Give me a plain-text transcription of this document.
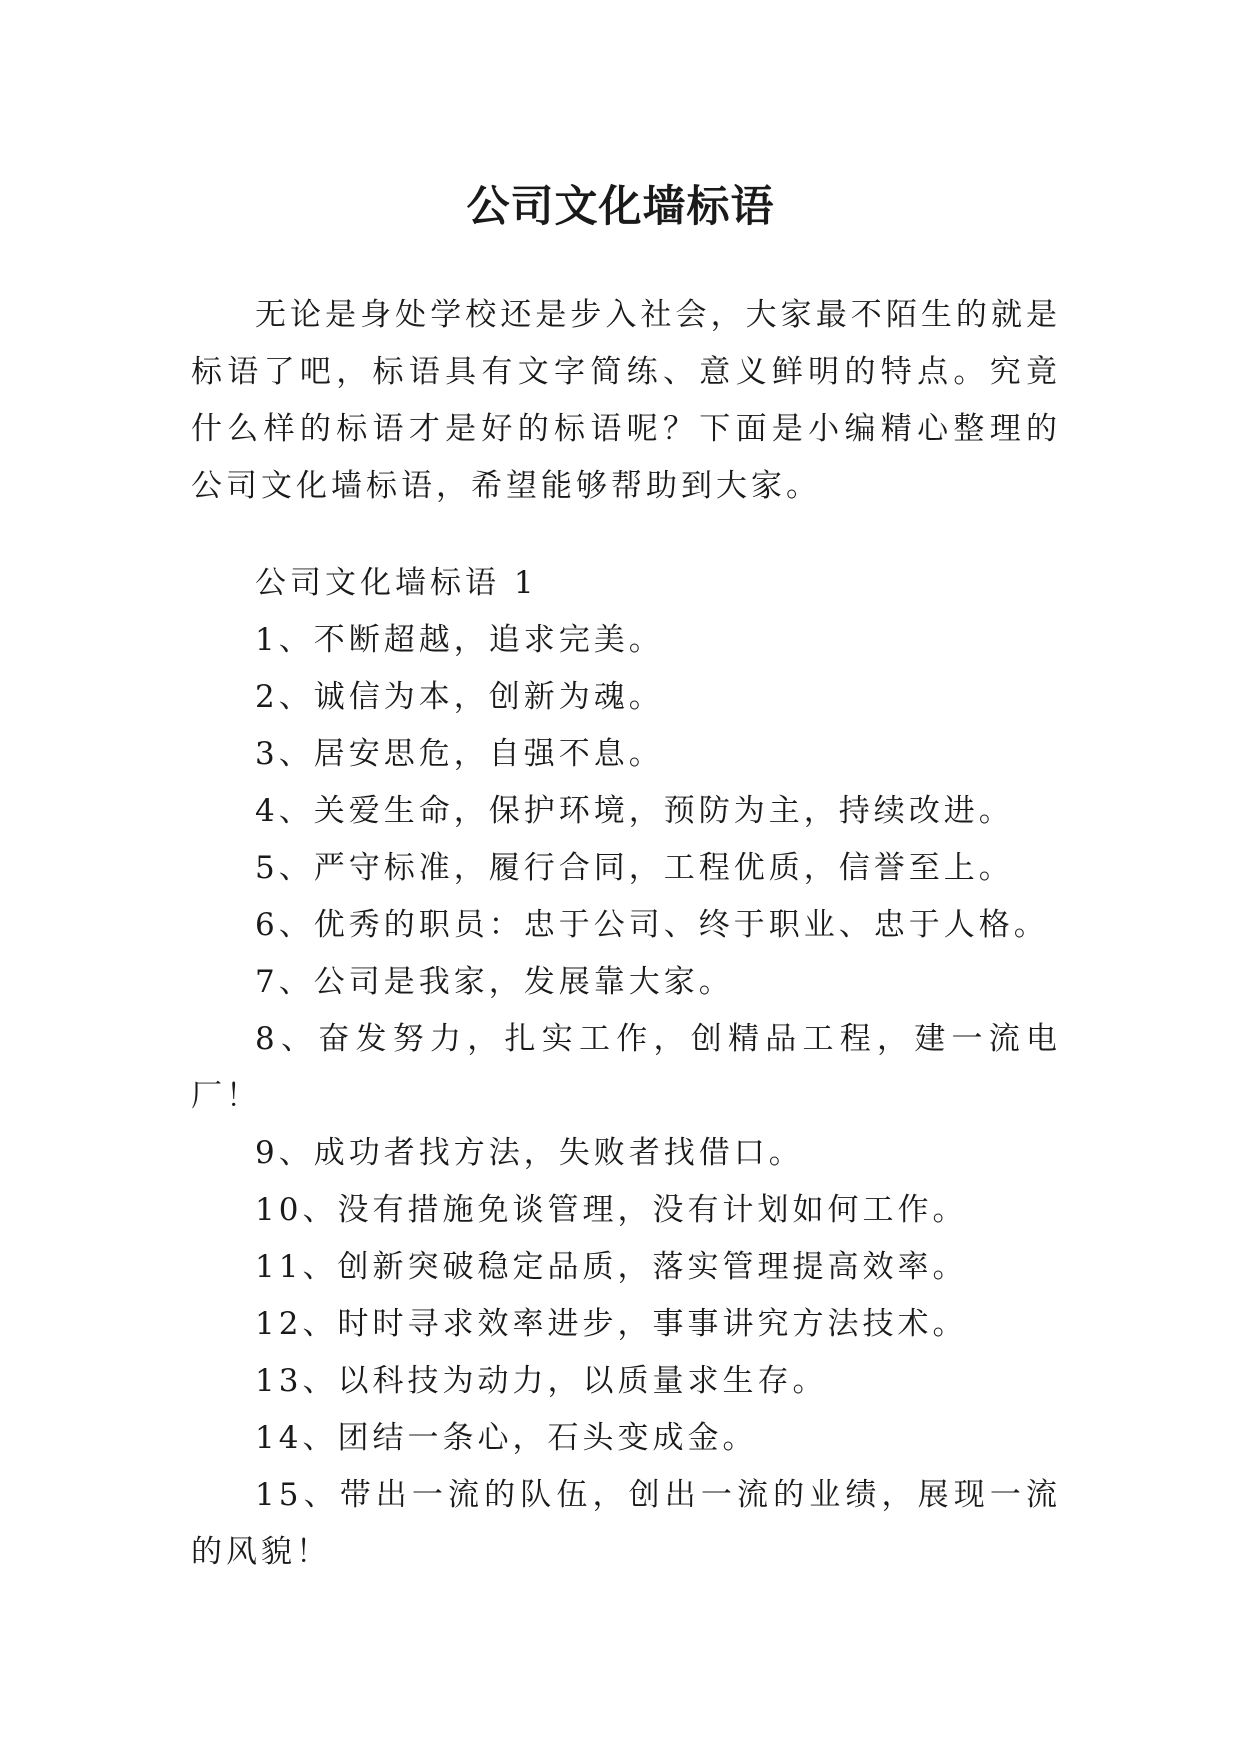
公司文化墙标语

无论是身处学校还是步入社会，大家最不陌生的就是标语了吧，标语具有文字简练、意义鲜明的特点。究竟什么样的标语才是好的标语呢？下面是小编精心整理的公司文化墙标语，希望能够帮助到大家。

公司文化墙标语 1

1、不断超越，追求完美。
2、诚信为本，创新为魂。
3、居安思危，自强不息。
4、关爱生命，保护环境，预防为主，持续改进。
5、严守标准，履行合同，工程优质，信誉至上。
6、优秀的职员：忠于公司、终于职业、忠于人格。
7、公司是我家，发展靠大家。
8、奋发努力，扎实工作，创精品工程，建一流电厂！
9、成功者找方法，失败者找借口。
10、没有措施免谈管理，没有计划如何工作。
11、创新突破稳定品质，落实管理提高效率。
12、时时寻求效率进步，事事讲究方法技术。
13、以科技为动力，以质量求生存。
14、团结一条心，石头变成金。
15、带出一流的队伍，创出一流的业绩，展现一流的风貌！
